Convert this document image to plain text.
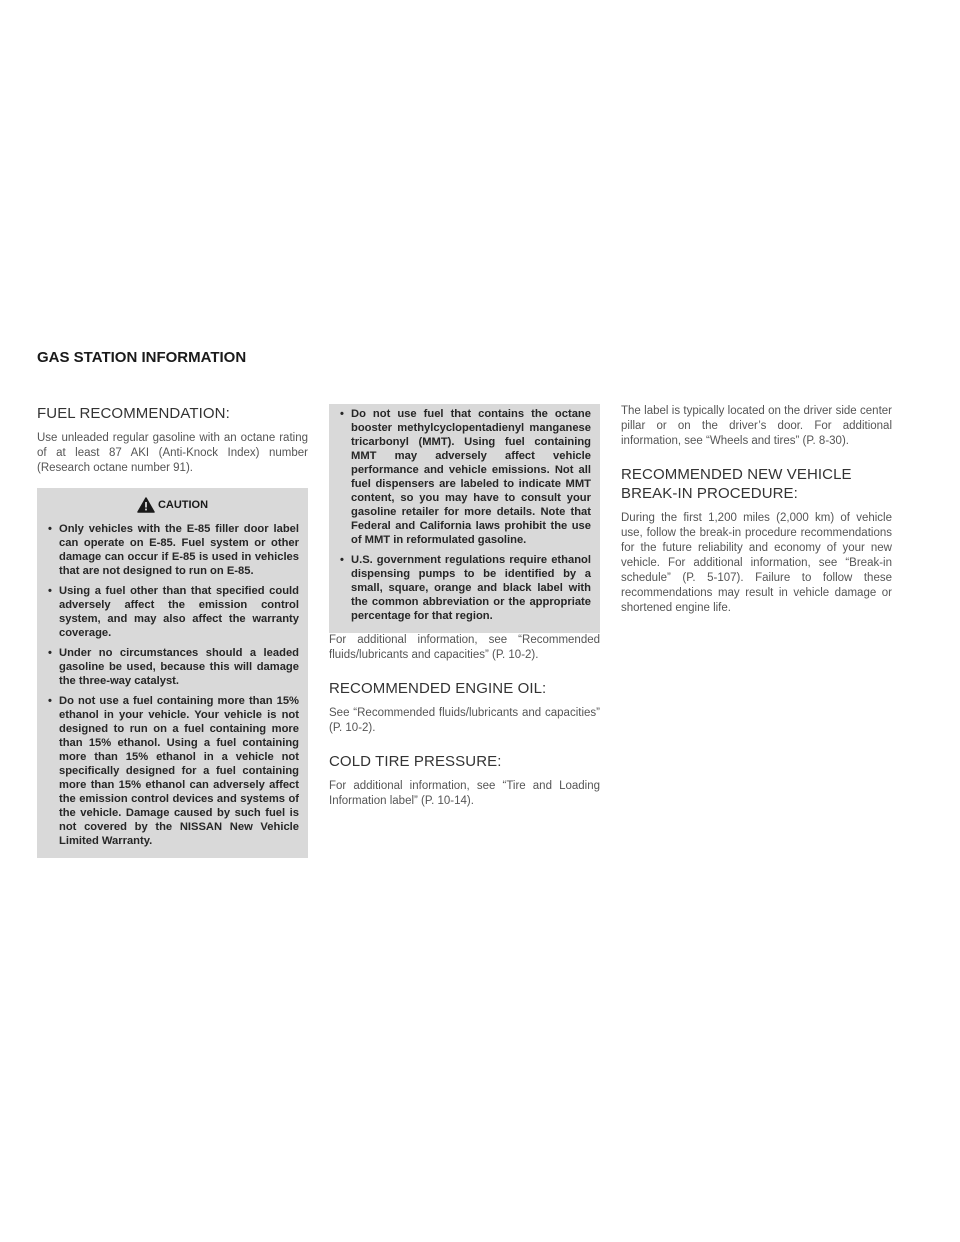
GAS STATION INFORMATION
FUEL RECOMMENDATION:

Use unleaded regular gasoline with an octane rating of at least 87 AKI (Anti-Knock Index) number (Research octane number 91).

CAUTION
• Only vehicles with the E-85 filler door label can operate on E-85. Fuel system or other damage can occur if E-85 is used in vehicles that are not designed to run on E-85.
• Using a fuel other than that specified could adversely affect the emission control system, and may also affect the warranty coverage.
• Under no circumstances should a leaded gasoline be used, because this will damage the three-way catalyst.
• Do not use a fuel containing more than 15% ethanol in your vehicle. Your vehicle is not designed to run on a fuel containing more than 15% ethanol. Using a fuel containing more than 15% ethanol in a vehicle not specifically designed for a fuel containing more than 15% ethanol can adversely affect the emission control devices and systems of the vehicle. Damage caused by such fuel is not covered by the NISSAN New Vehicle Limited Warranty.
• Do not use fuel that contains the octane booster methylcyclopentadienyl manganese tricarbonyl (MMT). Using fuel containing MMT may adversely affect vehicle performance and vehicle emissions. Not all fuel dispensers are labeled to indicate MMT content, so you may have to consult your gasoline retailer for more details. Note that Federal and California laws prohibit the use of MMT in reformulated gasoline.
• U.S. government regulations require ethanol dispensing pumps to be identified by a small, square, orange and black label with the common abbreviation or the appropriate percentage for that region.

For additional information, see “Recommended fluids/lubricants and capacities” (P. 10-2).

RECOMMENDED ENGINE OIL:

See “Recommended fluids/lubricants and capacities” (P. 10-2).

COLD TIRE PRESSURE:

For additional information, see “Tire and Loading Information label” (P. 10-14).

The label is typically located on the driver side center pillar or on the driver’s door. For additional information, see “Wheels and tires” (P. 8-30).

RECOMMENDED NEW VEHICLE BREAK-IN PROCEDURE:

During the first 1,200 miles (2,000 km) of vehicle use, follow the break-in procedure recommendations for the future reliability and economy of your new vehicle. For additional information, see “Break-in schedule” (P. 5-107). Failure to follow these recommendations may result in vehicle damage or shortened engine life.
